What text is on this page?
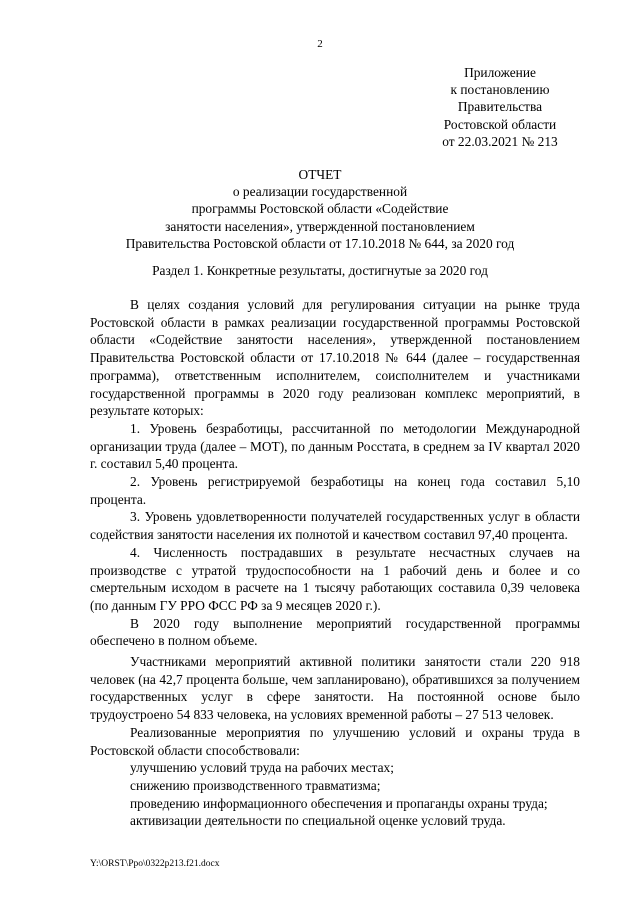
2
Приложение
к постановлению
Правительства
Ростовской области
от 22.03.2021 № 213
ОТЧЕТ
о реализации государственной
программы Ростовской области «Содействие
занятости населения», утвержденной постановлением
Правительства Ростовской области от 17.10.2018 № 644, за 2020 год
Раздел 1. Конкретные результаты, достигнутые за 2020 год

В целях создания условий для регулирования ситуации на рынке труда Ростовской области в рамках реализации государственной программы Ростовской области «Содействие занятости населения», утвержденной постановлением Правительства Ростовской области от 17.10.2018 № 644 (далее – государственная программа), ответственным исполнителем, соисполнителем и участниками государственной программы в 2020 году реализован комплекс мероприятий, в результате которых:

1. Уровень безработицы, рассчитанной по методологии Международной организации труда (далее – МОТ), по данным Росстата, в среднем за IV квартал 2020 г. составил 5,40 процента.

2. Уровень регистрируемой безработицы на конец года составил 5,10 процента.

3. Уровень удовлетворенности получателей государственных услуг в области содействия занятости населения их полнотой и качеством составил 97,40 процента.

4. Численность пострадавших в результате несчастных случаев на производстве с утратой трудоспособности на 1 рабочий день и более и со смертельным исходом в расчете на 1 тысячу работающих составила 0,39 человека (по данным ГУ РРО ФСС РФ за 9 месяцев 2020 г.).

В 2020 году выполнение мероприятий государственной программы обеспечено в полном объеме.

Участниками мероприятий активной политики занятости стали 220 918 человек (на 42,7 процента больше, чем запланировано), обратившихся за получением государственных услуг в сфере занятости. На постоянной основе было трудоустроено 54 833 человека, на условиях временной работы – 27 513 человек.

Реализованные мероприятия по улучшению условий и охраны труда в Ростовской области способствовали:

улучшению условий труда на рабочих местах;

снижению производственного травматизма;

проведению информационного обеспечения и пропаганды охраны труда;

активизации деятельности по специальной оценке условий труда.

Y:\ORST\Ppo\0322p213.f21.docx
